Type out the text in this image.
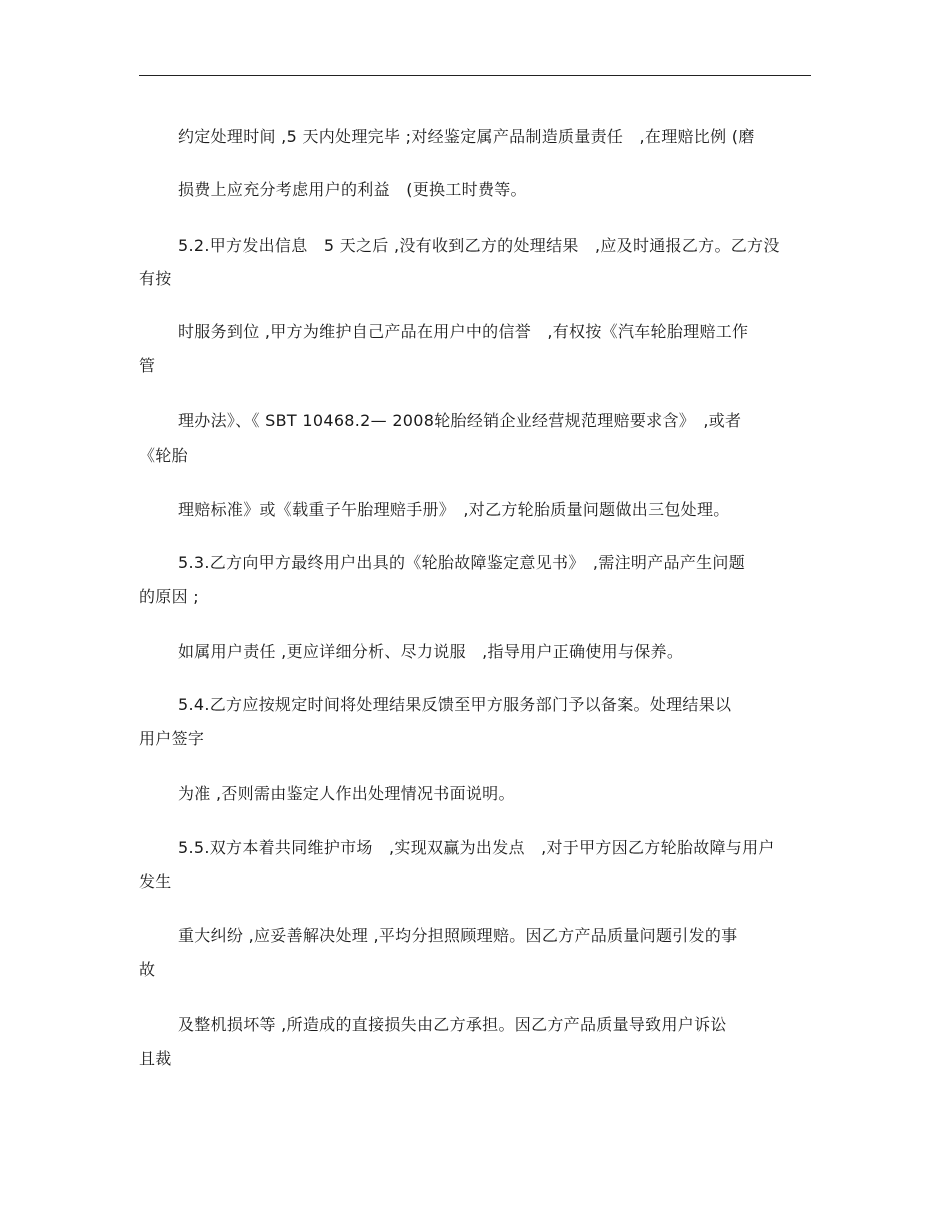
约定处理时间 ,5 天内处理完毕 ;对经鉴定属产品制造质量责任　,在理赔比例 (磨
损费上应充分考虑用户的利益　(更换工时费等。
5.2.甲方发出信息　5 天之后 ,没有收到乙方的处理结果　,应及时通报乙方。乙方没
有按
时服务到位 ,甲方为维护自己产品在用户中的信誉　,有权按《汽车轮胎理赔工作
管
理办法》、《 SBT 10468.2— 2008轮胎经销企业经营规范理赔要求含》　,或者
《轮胎
理赔标准》或《载重子午胎理赔手册》　,对乙方轮胎质量问题做出三包处理。
5.3.乙方向甲方最终用户出具的《轮胎故障鉴定意见书》　,需注明产品产生问题
的原因 ;
如属用户责任 ,更应详细分析、尽力说服　,指导用户正确使用与保养。
5.4.乙方应按规定时间将处理结果反馈至甲方服务部门予以备案。处理结果以
用户签字
为准 ,否则需由鉴定人作出处理情况书面说明。
5.5.双方本着共同维护市场　,实现双赢为出发点　,对于甲方因乙方轮胎故障与用户
发生
重大纠纷 ,应妥善解决处理 ,平均分担照顾理赔。因乙方产品质量问题引发的事
故
及整机损坏等 ,所造成的直接损失由乙方承担。因乙方产品质量导致用户诉讼
且裁
